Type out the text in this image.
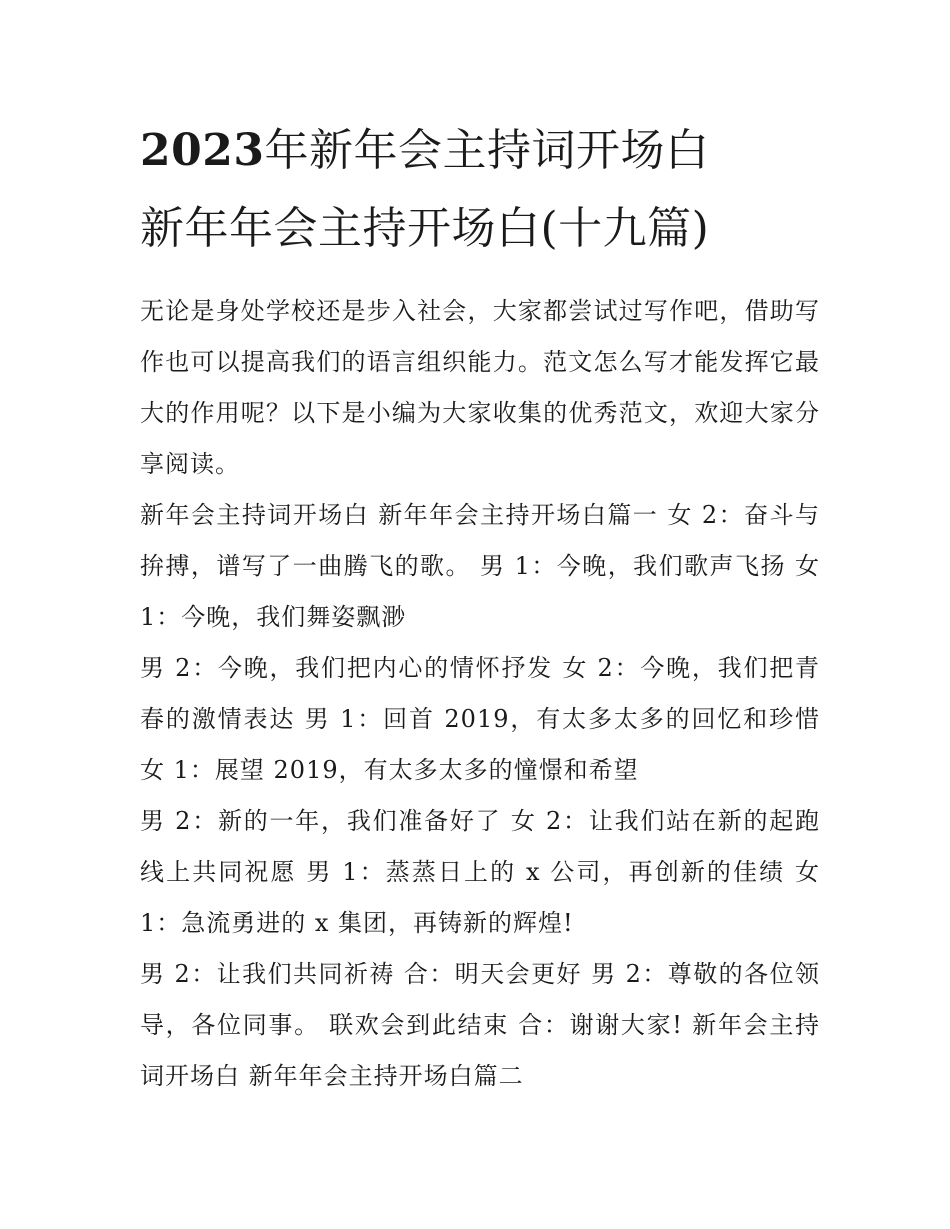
2023年新年会主持词开场白
新年年会主持开场白(十九篇)

无论是身处学校还是步入社会，大家都尝试过写作吧，借助写作也可以提高我们的语言组织能力。范文怎么写才能发挥它最大的作用呢？以下是小编为大家收集的优秀范文，欢迎大家分享阅读。

新年会主持词开场白 新年年会主持开场白篇一 女 2：奋斗与拚搏，谱写了一曲腾飞的歌。 男 1：今晚，我们歌声飞扬 女 1：今晚，我们舞姿飘渺

男 2：今晚，我们把内心的情怀抒发 女 2：今晚，我们把青春的激情表达 男 1：回首 2019，有太多太多的回忆和珍惜 女 1：展望 2019，有太多太多的憧憬和希望

男 2：新的一年，我们准备好了 女 2：让我们站在新的起跑线上共同祝愿 男 1：蒸蒸日上的 x 公司，再创新的佳绩 女 1：急流勇进的 x 集团，再铸新的辉煌!

男 2：让我们共同祈祷 合：明天会更好 男 2：尊敬的各位领导，各位同事。 联欢会到此结束 合：谢谢大家! 新年会主持词开场白 新年年会主持开场白篇二
